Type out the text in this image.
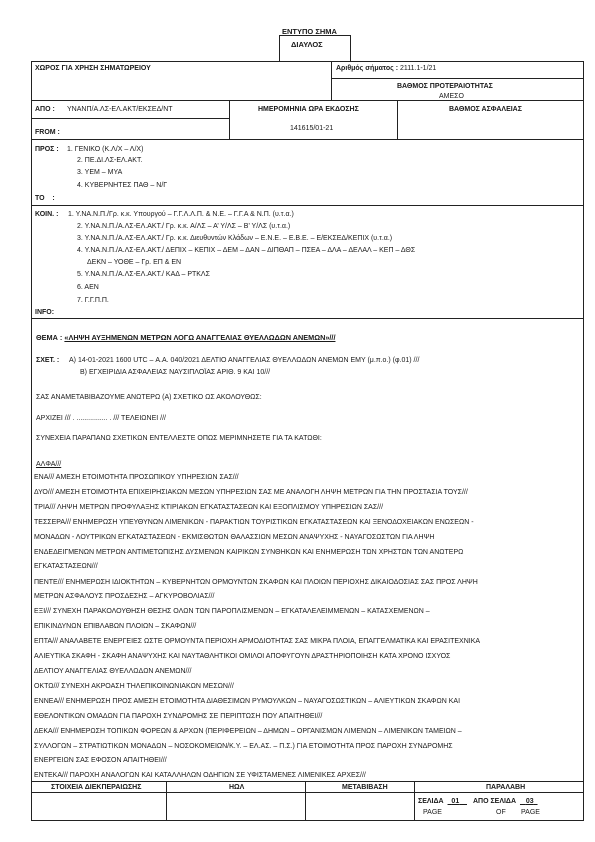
ΕΝΤΥΠΟ ΣΗΜΑ
ΔΙΑΥΛΟΣ
ΧΩΡΟΣ ΓΙΑ ΧΡΗΣΗ ΣΗΜΑΤΩΡΕΙΟΥ	Αριθμός σήματος : 2111.1-1/21
ΒΑΘΜΟΣ ΠΡΟΤΕΡΑΙΟΤΗΤΑΣ
ΑΜΕΣΟ
ΑΠΟ : ΥΝΑΝΠ/Α.ΛΣ-ΕΛ.ΑΚΤ/ΕΚΣΕΔ/ΝΤ
FROM :
ΗΜΕΡΟΜΗΝΙΑ ΩΡΑ ΕΚΔΟΣΗΣ
141615/01-21
ΒΑΘΜΟΣ ΑΣΦΑΛΕΙΑΣ
ΠΡΟΣ : 1. ΓΕΝΙΚΟ (Κ.Λ/Χ – Λ/Χ)
2. ΠΕ.ΔΙ.ΛΣ-ΕΛ.ΑΚΤ.
3. ΥΕΜ – ΜΥΑ
4. ΚΥΒΕΡΝΗΤΕΣ ΠΑΘ – Ν/Γ
TO    :
ΚΟΙΝ. : 1. Υ.ΝΑ.Ν.Π./Γρ. κ.κ. Υπουργού – Γ.Γ.Λ.Λ.Π. & Ν.Ε. – Γ.Γ.Α & Ν.Π. (υ.τ.α.)
2. Υ.ΝΑ.Ν.Π./Α.ΛΣ-ΕΛ.ΑΚΤ./ Γρ. κ.κ. Α/ΛΣ – Α’ Υ/ΛΣ – Β’ Υ/ΛΣ (υ.τ.α.)
3. Υ.ΝΑ.Ν.Π./Α.ΛΣ-ΕΛ.ΑΚΤ./ Γρ. κ.κ. Διευθυντών Κλάδων – Ε.Ν.Ε. – Ε.Β.Ε. – Ε/ΕΚΣΕΔ/ΚΕΠΙΧ (υ.τ.α.)
4. Υ.ΝΑ.Ν.Π./Α.ΛΣ-ΕΛ.ΑΚΤ./ ΔΕΠΙΧ – ΚΕΠΙΧ – ΔΕΜ – ΔΑΝ – ΔΙΠΘΑΠ – ΠΣΕΑ – ΔΛΑ – ΔΕΛΑΛ – ΚΕΠ – ΔΘΣ
ΔΕΚΝ – ΥΟΘΕ – Γρ. ΕΠ & ΕΝ
5. Υ.ΝΑ.Ν.Π./Α.ΛΣ-ΕΛ.ΑΚΤ./ ΚΑΔ – ΡΤΚΛΣ
6. ΑΕΝ
7. Γ.Γ.Π.Π.
INFO:
ΘΕΜΑ : «ΛΗΨΗ ΑΥΞΗΜΕΝΩΝ ΜΕΤΡΩΝ ΛΟΓΩ ΑΝΑΓΓΕΛΙΑΣ ΘΥΕΛΛΩΔΩΝ ΑΝΕΜΩΝ»///
ΣΧΕΤ. : Α) 14-01-2021 1600 UTC – Α.Α. 040/2021 ΔΕΛΤΙΟ ΑΝΑΓΓΕΛΙΑΣ ΘΥΕΛΛΩΔΩΝ ΑΝΕΜΩΝ ΕΜΥ (μ.π.ο.) (φ.01) ///
Β) ΕΓΧΕΙΡΙΔΙΑ ΑΣΦΑΛΕΙΑΣ ΝΑΥΣΙΠΛΟΪΑΣ ΑΡΙΘ. 9 ΚΑΙ 10///
ΣΑΣ ΑΝΑΜΕΤΑΒΙΒΑΖΟΥΜΕ ΑΝΩΤΕΡΩ (Α) ΣΧΕΤΙΚΟ ΩΣ ΑΚΟΛΟΥΘΩΣ:
ΑΡΧΙΖΕΙ /// . ................ . /// ΤΕΛΕΙΩΝΕΙ ///
ΣΥΝΕΧΕΙΑ ΠΑΡΑΠΑΝΩ ΣΧΕΤΙΚΩΝ ΕΝΤΕΛΛΕΣΤΕ ΟΠΩΣ ΜΕΡΙΜΝΗΣΕΤΕ ΓΙΑ ΤΑ ΚΑΤΩΘΙ:
ΑΛΦΑ///
ΕΝΑ/// ΑΜΕΣΗ ΕΤΟΙΜΟΤΗΤΑ ΠΡΟΣΩΠΙΚΟΥ ΥΠΗΡΕΣΙΩΝ ΣΑΣ///
ΔΥΟ/// ΑΜΕΣΗ ΕΤΟΙΜΟΤΗΤΑ ΕΠΙΧΕΙΡΗΣΙΑΚΩΝ ΜΕΣΩΝ ΥΠΗΡΕΣΙΩΝ ΣΑΣ ΜΕ ΑΝΑΛΟΓΗ ΛΗΨΗ ΜΕΤΡΩΝ ΓΙΑ ΤΗΝ ΠΡΟΣΤΑΣΙΑ ΤΟΥΣ///
ΤΡΙΑ/// ΛΗΨΗ ΜΕΤΡΩΝ ΠΡΟΦΥΛΑΞΗΣ ΚΤΙΡΙΑΚΩΝ ΕΓΚΑΤΑΣΤΑΣΕΩΝ ΚΑΙ ΕΞΟΠΛΙΣΜΟΥ ΥΠΗΡΕΣΙΩΝ ΣΑΣ///
ΤΕΣΣΕΡΑ/// ΕΝΗΜΕΡΩΣΗ ΥΠΕΥΘΥΝΩΝ ΛΙΜΕΝΙΚΩΝ - ΠΑΡΑΚΤΙΩΝ ΤΟΥΡΙΣΤΙΚΩΝ ΕΓΚΑΤΑΣΤΑΣΕΩΝ ΚΑΙ ΞΕΝΟΔΟΧΕΙΑΚΩΝ ΕΝΩΣΕΩΝ -
ΜΟΝΑΔΩΝ - ΛΟΥΤΡΙΚΩΝ ΕΓΚΑΤΑΣΤΑΣΕΩΝ - ΕΚΜΙΣΘΩΤΩΝ ΘΑΛΑΣΣΙΩΝ ΜΕΣΩΝ ΑΝΑΨΥΧΗΣ - ΝΑΥΑΓΟΣΩΣΤΩΝ ΓΙΑ ΛΗΨΗ
ΕΝΔΕΔΕΙΓΜΕΝΩΝ ΜΕΤΡΩΝ ΑΝΤΙΜΕΤΩΠΙΣΗΣ ΔΥΣΜΕΝΩΝ ΚΑΙΡΙΚΩΝ ΣΥΝΘΗΚΩΝ ΚΑΙ ΕΝΗΜΕΡΩΣΗ ΤΩΝ ΧΡΗΣΤΩΝ ΤΩΝ ΑΝΩΤΕΡΩ
ΕΓΚΑΤΑΣΤΑΣΕΩΝ///
ΠΕΝΤΕ/// ΕΝΗΜΕΡΩΣΗ ΙΔΙΟΚΤΗΤΩΝ – ΚΥΒΕΡΝΗΤΩΝ ΟΡΜΟΥΝΤΩΝ ΣΚΑΦΩΝ ΚΑΙ ΠΛΟΙΩΝ ΠΕΡΙΟΧΗΣ ΔΙΚΑΙΟΔΟΣΙΑΣ ΣΑΣ ΠΡΟΣ ΛΗΨΗ
ΜΕΤΡΩΝ ΑΣΦΑΛΟΥΣ ΠΡΟΣΔΕΣΗΣ – ΑΓΚΥΡΟΒΟΛΙΑΣ///
ΕΞΙ/// ΣΥΝΕΧΗ ΠΑΡΑΚΟΛΟΥΘΗΣΗ ΘΕΣΗΣ ΟΛΩΝ ΤΩΝ ΠΑΡΟΠΛΙΣΜΕΝΩΝ – ΕΓΚΑΤΑΛΕΛΕΙΜΜΕΝΩΝ – ΚΑΤΑΣΧΕΜΕΝΩΝ –
ΕΠΙΚΙΝΔΥΝΩΝ ΕΠΙΒΛΑΒΩΝ ΠΛΟΙΩΝ – ΣΚΑΦΩΝ///
ΕΠΤΑ/// ΑΝΑΛΑΒΕΤΕ ΕΝΕΡΓΕΙΕΣ ΩΣΤΕ ΟΡΜΟΥΝΤΑ ΠΕΡΙΟΧΗ ΑΡΜΟΔΙΟΤΗΤΑΣ ΣΑΣ ΜΙΚΡΑ ΠΛΟΙΑ, ΕΠΑΓΓΕΛΜΑΤΙΚΑ ΚΑΙ ΕΡΑΣΙΤΕΧΝΙΚΑ
ΑΛΙΕΥΤΙΚΑ ΣΚΑΦΗ - ΣΚΑΦΗ ΑΝΑΨΥΧΗΣ ΚΑΙ ΝΑΥΤΑΘΛΗΤΙΚΟΙ ΟΜΙΛΟΙ ΑΠΟΦΥΓΟΥΝ ΔΡΑΣΤΗΡΙΟΠΟΙΗΣΗ ΚΑΤΑ ΧΡΟΝΟ ΙΣΧΥΟΣ
ΔΕΛΤΙΟΥ ΑΝΑΓΓΕΛΙΑΣ ΘΥΕΛΛΩΔΩΝ ΑΝΕΜΩΝ///
ΟΚΤΩ/// ΣΥΝΕΧΗ ΑΚΡΟΑΣΗ ΤΗΛΕΠΙΚΟΙΝΩΝΙΑΚΩΝ ΜΕΣΩΝ///
ΕΝΝΕΑ/// ΕΝΗΜΕΡΩΣΗ ΠΡΟΣ ΑΜΕΣΗ ΕΤΟΙΜΟΤΗΤΑ ΔΙΑΘΕΣΙΜΩΝ ΡΥΜΟΥΛΚΩΝ – ΝΑΥΑΓΟΣΩΣΤΙΚΩΝ – ΑΛΙΕΥΤΙΚΩΝ ΣΚΑΦΩΝ ΚΑΙ
ΕΘΕΛΟΝΤΙΚΩΝ ΟΜΑΔΩΝ ΓΙΑ ΠΑΡΟΧΗ ΣΥΝΔΡΟΜΗΣ ΣΕ ΠΕΡΙΠΤΩΣΗ ΠΟΥ ΑΠΑΙΤΗΘΕΙ///
ΔΕΚΑ/// ΕΝΗΜΕΡΩΣΗ ΤΟΠΙΚΩΝ ΦΟΡΕΩΝ & ΑΡΧΩΝ (ΠΕΡΙΦΕΡΕΙΩΝ – ΔΗΜΩΝ – ΟΡΓΑΝΙΣΜΩΝ ΛΙΜΕΝΩΝ – ΛΙΜΕΝΙΚΩΝ ΤΑΜΕΙΩΝ –
ΣΥΛΛΟΓΩΝ – ΣΤΡΑΤΙΩΤΙΚΩΝ ΜΟΝΑΔΩΝ – ΝΟΣΟΚΟΜΕΙΩΝ/Κ.Υ. – ΕΛ.ΑΣ. – Π.Σ.) ΓΙΑ ΕΤΟΙΜΟΤΗΤΑ ΠΡΟΣ ΠΑΡΟΧΗ ΣΥΝΔΡΟΜΗΣ
ΕΝΕΡΓΕΙΩΝ ΣΑΣ ΕΦΟΣΟΝ ΑΠΑΙΤΗΘΕΙ///
ΕΝΤΕΚΑ/// ΠΑΡΟΧΗ ΑΝΑΛΟΓΩΝ ΚΑΙ ΚΑΤΑΛΛΗΛΩΝ ΟΔΗΓΙΩΝ ΣΕ ΥΦΙΣΤΑΜΕΝΕΣ ΛΙΜΕΝΙΚΕΣ ΑΡΧΕΣ///
ΣΤΟΙΧΕΙΑ ΔΙΕΚΠΕΡΑΙΩΣΗΣ	ΗΩΛ	ΜΕΤΑΒΙΒΑΣΗ	ΠΑΡΑΛΑΒΗ
ΣΕΛΙΔΑ 01 ΑΠΟ ΣΕΛΙΔΑ 03
PAGE	OF PAGE
